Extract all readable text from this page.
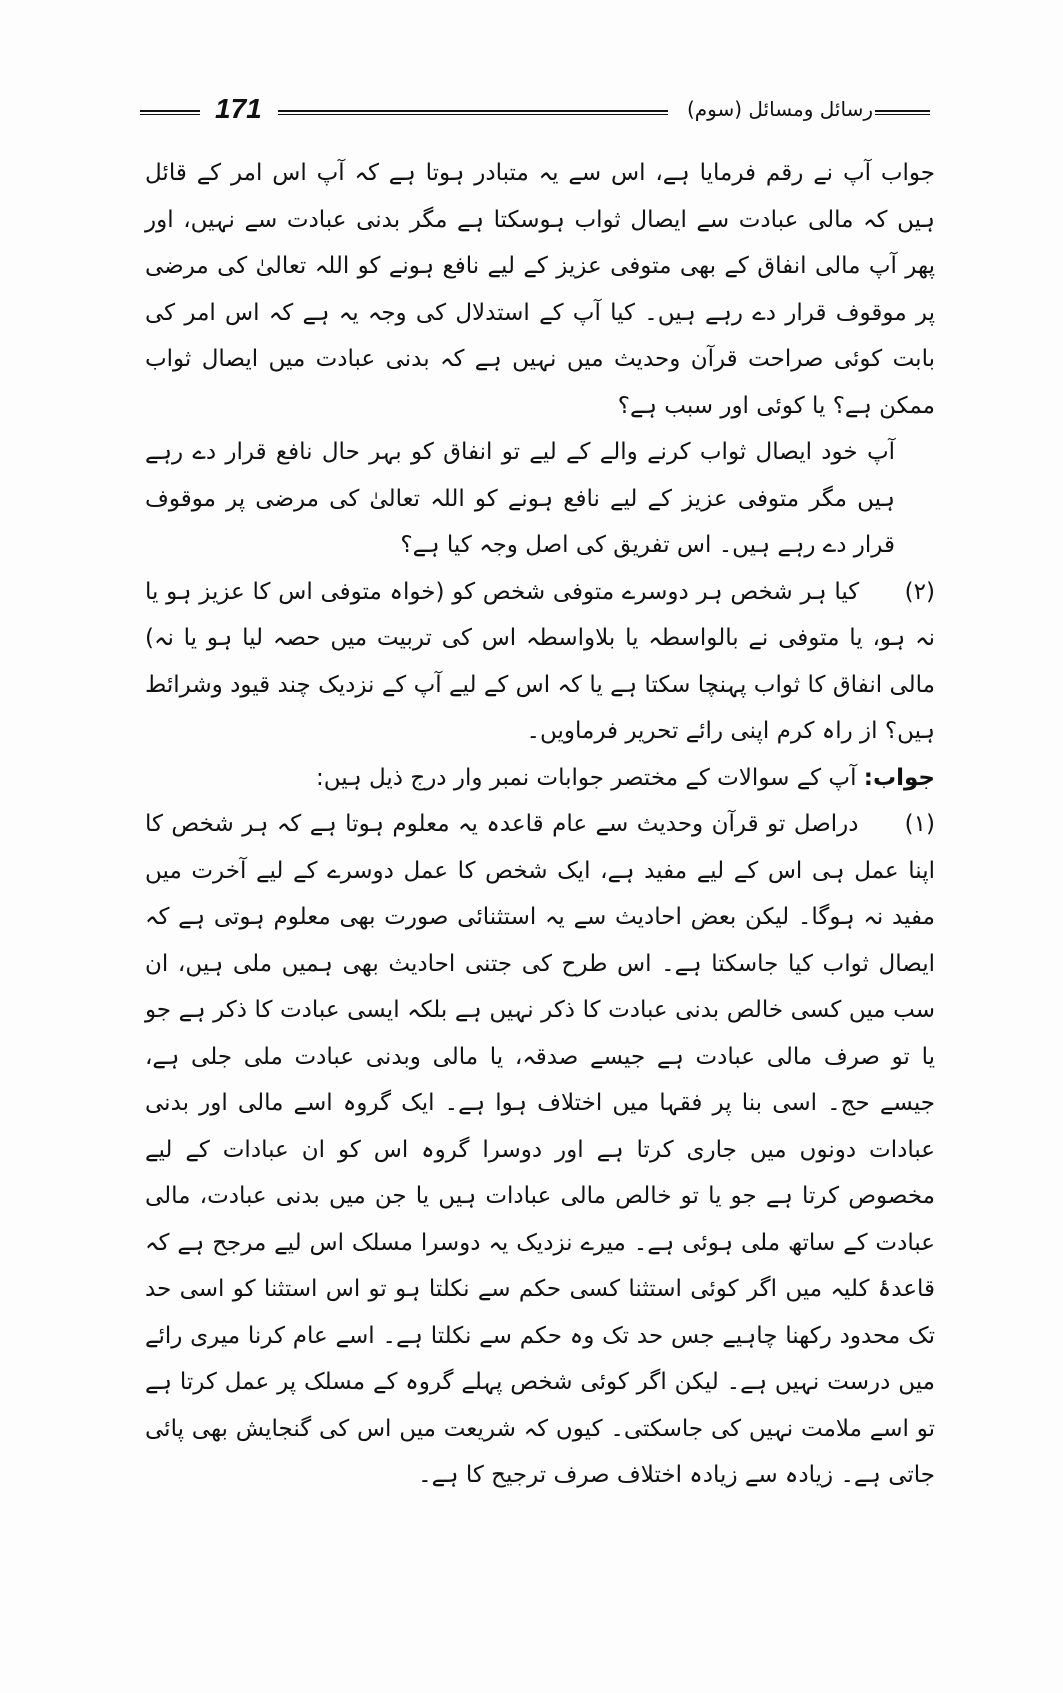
171	رسائل ومسائل (سوم)

جواب آپ نے رقم فرمایا ہے، اس سے یہ متبادر ہوتا ہے کہ آپ اس امر کے قائل ہیں کہ مالی عبادت سے ایصال ثواب ہوسکتا ہے مگر بدنی عبادت سے نہیں، اور پھر آپ مالی انفاق کے بھی متوفی عزیز کے لیے نافع ہونے کو اللہ تعالیٰ کی مرضی پر موقوف قرار دے رہے ہیں۔ کیا آپ کے استدلال کی وجہ یہ ہے کہ اس امر کی بابت کوئی صراحت قرآن وحدیث میں نہیں ہے کہ بدنی عبادت میں ایصال ثواب ممکن ہے؟ یا کوئی اور سبب ہے؟

آپ خود ایصال ثواب کرنے والے کے لیے تو انفاق کو بہر حال نافع قرار دے رہے ہیں مگر متوفی عزیز کے لیے نافع ہونے کو اللہ تعالیٰ کی مرضی پر موقوف قرار دے رہے ہیں۔ اس تفریق کی اصل وجہ کیا ہے؟

(۲) کیا ہر شخص ہر دوسرے متوفی شخص کو (خواہ متوفی اس کا عزیز ہو یا نہ ہو، یا متوفی نے بالواسطہ یا بلاواسطہ اس کی تربیت میں حصہ لیا ہو یا نہ) مالی انفاق کا ثواب پہنچا سکتا ہے یا کہ اس کے لیے آپ کے نزدیک چند قیود وشرائط ہیں؟ از راہ کرم اپنی رائے تحریر فرماویں۔

جواب: آپ کے سوالات کے مختصر جوابات نمبر وار درج ذیل ہیں:

(۱) دراصل تو قرآن وحدیث سے عام قاعدہ یہ معلوم ہوتا ہے کہ ہر شخص کا اپنا عمل ہی اس کے لیے مفید ہے، ایک شخص کا عمل دوسرے کے لیے آخرت میں مفید نہ ہوگا۔ لیکن بعض احادیث سے یہ استثنائی صورت بھی معلوم ہوتی ہے کہ ایصال ثواب کیا جاسکتا ہے۔ اس طرح کی جتنی احادیث بھی ہمیں ملی ہیں، ان سب میں کسی خالص بدنی عبادت کا ذکر نہیں ہے بلکہ ایسی عبادت کا ذکر ہے جو یا تو صرف مالی عبادت ہے جیسے صدقہ، یا مالی وبدنی عبادت ملی جلی ہے، جیسے حج۔ اسی بنا پر فقہا میں اختلاف ہوا ہے۔ ایک گروہ اسے مالی اور بدنی عبادات دونوں میں جاری کرتا ہے اور دوسرا گروہ اس کو ان عبادات کے لیے مخصوص کرتا ہے جو یا تو خالص مالی عبادات ہیں یا جن میں بدنی عبادت، مالی عبادت کے ساتھ ملی ہوئی ہے۔ میرے نزدیک یہ دوسرا مسلک اس لیے مرجح ہے کہ قاعدۂ کلیہ میں اگر کوئی استثنا کسی حکم سے نکلتا ہو تو اس استثنا کو اسی حد تک محدود رکھنا چاہیے جس حد تک وہ حکم سے نکلتا ہے۔ اسے عام کرنا میری رائے میں درست نہیں ہے۔ لیکن اگر کوئی شخص پہلے گروہ کے مسلک پر عمل کرتا ہے تو اسے ملامت نہیں کی جاسکتی۔ کیوں کہ شریعت میں اس کی گنجایش بھی پائی جاتی ہے۔ زیادہ سے زیادہ اختلاف صرف ترجیح کا ہے۔
